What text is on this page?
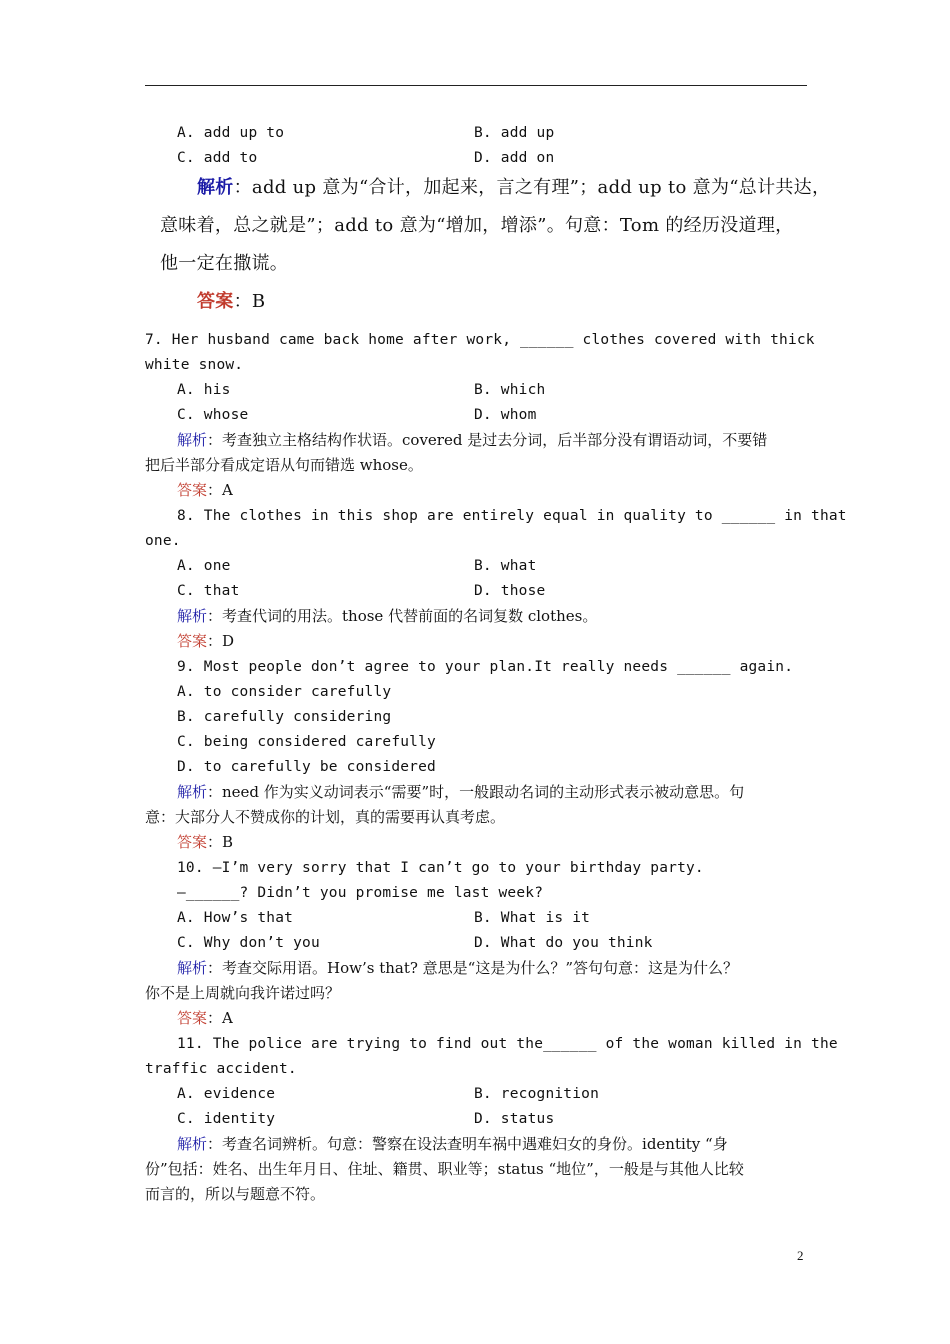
A. add up to	B. add up
C. add to	D. add on
解析：add up 意为“合计，加起来，言之有理”；add up to 意为“总计共达，
意味着，总之就是”；add to 意为“增加，增添”。句意：Tom 的经历没道理，
他一定在撒谎。
答案：B
7. Her husband came back home after work, ______ clothes covered with thick
white snow.
A. his	B. which
C. whose	D. whom
解析：考查独立主格结构作状语。covered 是过去分词，后半部分没有谓语动词，不要错
把后半部分看成定语从句而错选 whose。
答案：A
8. The clothes in this shop are entirely equal in quality to ______ in that
one.
A. one	B. what
C. that	D. those
解析：考查代词的用法。those 代替前面的名词复数 clothes。
答案：D
9. Most people don’t agree to your plan.It really needs ______ again.
A. to consider carefully
B. carefully considering
C. being considered carefully
D. to carefully be considered
解析：need 作为实义动词表示“需要”时，一般跟动名词的主动形式表示被动意思。句
意：大部分人不赞成你的计划，真的需要再认真考虑。
答案：B
10. —I’m very sorry that I can’t go to your birthday party.
—______? Didn’t you promise me last week?
A. How’s that	B. What is it
C. Why don’t you	D. What do you think
解析：考查交际用语。How’s that? 意思是“这是为什么？”答句句意：这是为什么？
你不是上周就向我许诺过吗？
答案：A
11. The police are trying to find out the______ of the woman killed in the
traffic accident.
A. evidence	B. recognition
C. identity	D. status
解析：考查名词辨析。句意：警察在设法查明车祸中遇难妇女的身份。identity “身
份”包括：姓名、出生年月日、住址、籍贯、职业等；status “地位”，一般是与其他人比较
而言的，所以与题意不符。
2
